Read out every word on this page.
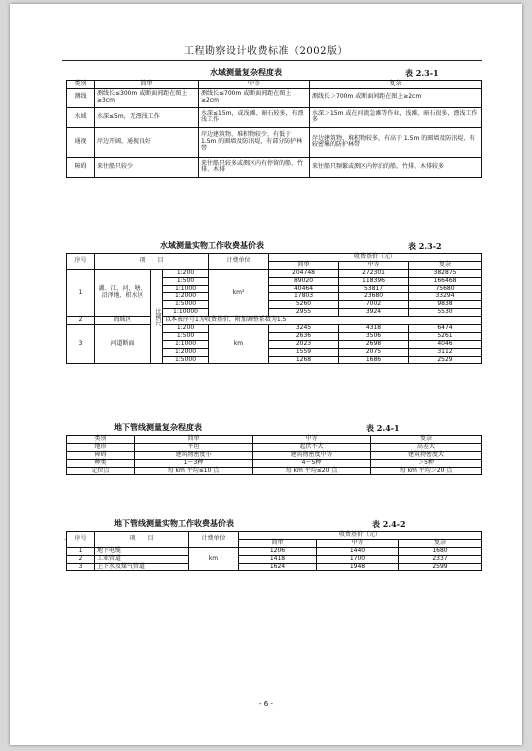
工程勘察设计收费标准（2002版）
水域测量复杂程度表	表 2.3-1
类别	简单	中等	复杂
测线	测线长≤300m 或断面间距在图上≥3cm	测线长≤700m 或断面间距在图上≥2cm	测线长＞700m 或断面间距在图上≥2cm
水域	水深≤5m，无漂浅工作	水深≤15m，或浅滩、暗石较多，有漂浅工作	水深＞15m 或在河流急滩等作业，浅滩、暗石很多，漂浅工作多
通视	岸边开阔，通视良好	岸边建筑物、堆积物较少，有低于 1.5m 的圈墙及防汛堤，有部分防护林带	岸边建筑物、堆积物较多，有高于 1.5m 的圈墙及防汛堤，有较密集的防护林带
障碍	来往船只较少	来往船只较多或测区内有停留的船、竹排、木排	来往船只频繁或测区内停泊的船、竹排、木排较多
水域测量实物工作收费基价表	表 2.3-2
序号	项　　目			计费单位	收费基价（元）		
					简单	中等	复杂
1	湖、江、河、塘、沼泽地、积水区	比例尺	1:200	km²	204748	272301	382875
			1:500		89020	118396	166468
			1:1000		40464	53817	75680
			1:2000		17803	23680	33294
			1:5000		5260	7002	9838
			1:10000		2955	3924	5530
2	海域区		以本表序号1为收费基价，附加调整系数为1.5				
3	河道断面		1:200	km	3245	4318	6474
			1:500		2636	3506	5261
			1:1000		2023	2698	4046
			1:2000		1559	2075	3112
			1:5000		1268	1686	2529
地下管线测量复杂程度表	表 2.4-1
类别	简单	中等	复杂
地形	平坦	起伏不大	高差大
障碍	建筑物密度小	建筑物密度中等	建筑物密度大
种类	1～3种	4～5种	＞5种
定位点	每 km 平均≤10 点	每 km 平均≤20 点	每 km 平均＞20 点
地下管线测量实物工作收费基价表	表 2.4-2
· 序号	项　　目	计费单位	收费基价（元）		
			简单	中等	复杂
1	地下电缆	km	1206	1440	1680
2	工业管道		1418	1700	2337
3	上下水及煤气管道		1624	1948	2599
- 6 -
